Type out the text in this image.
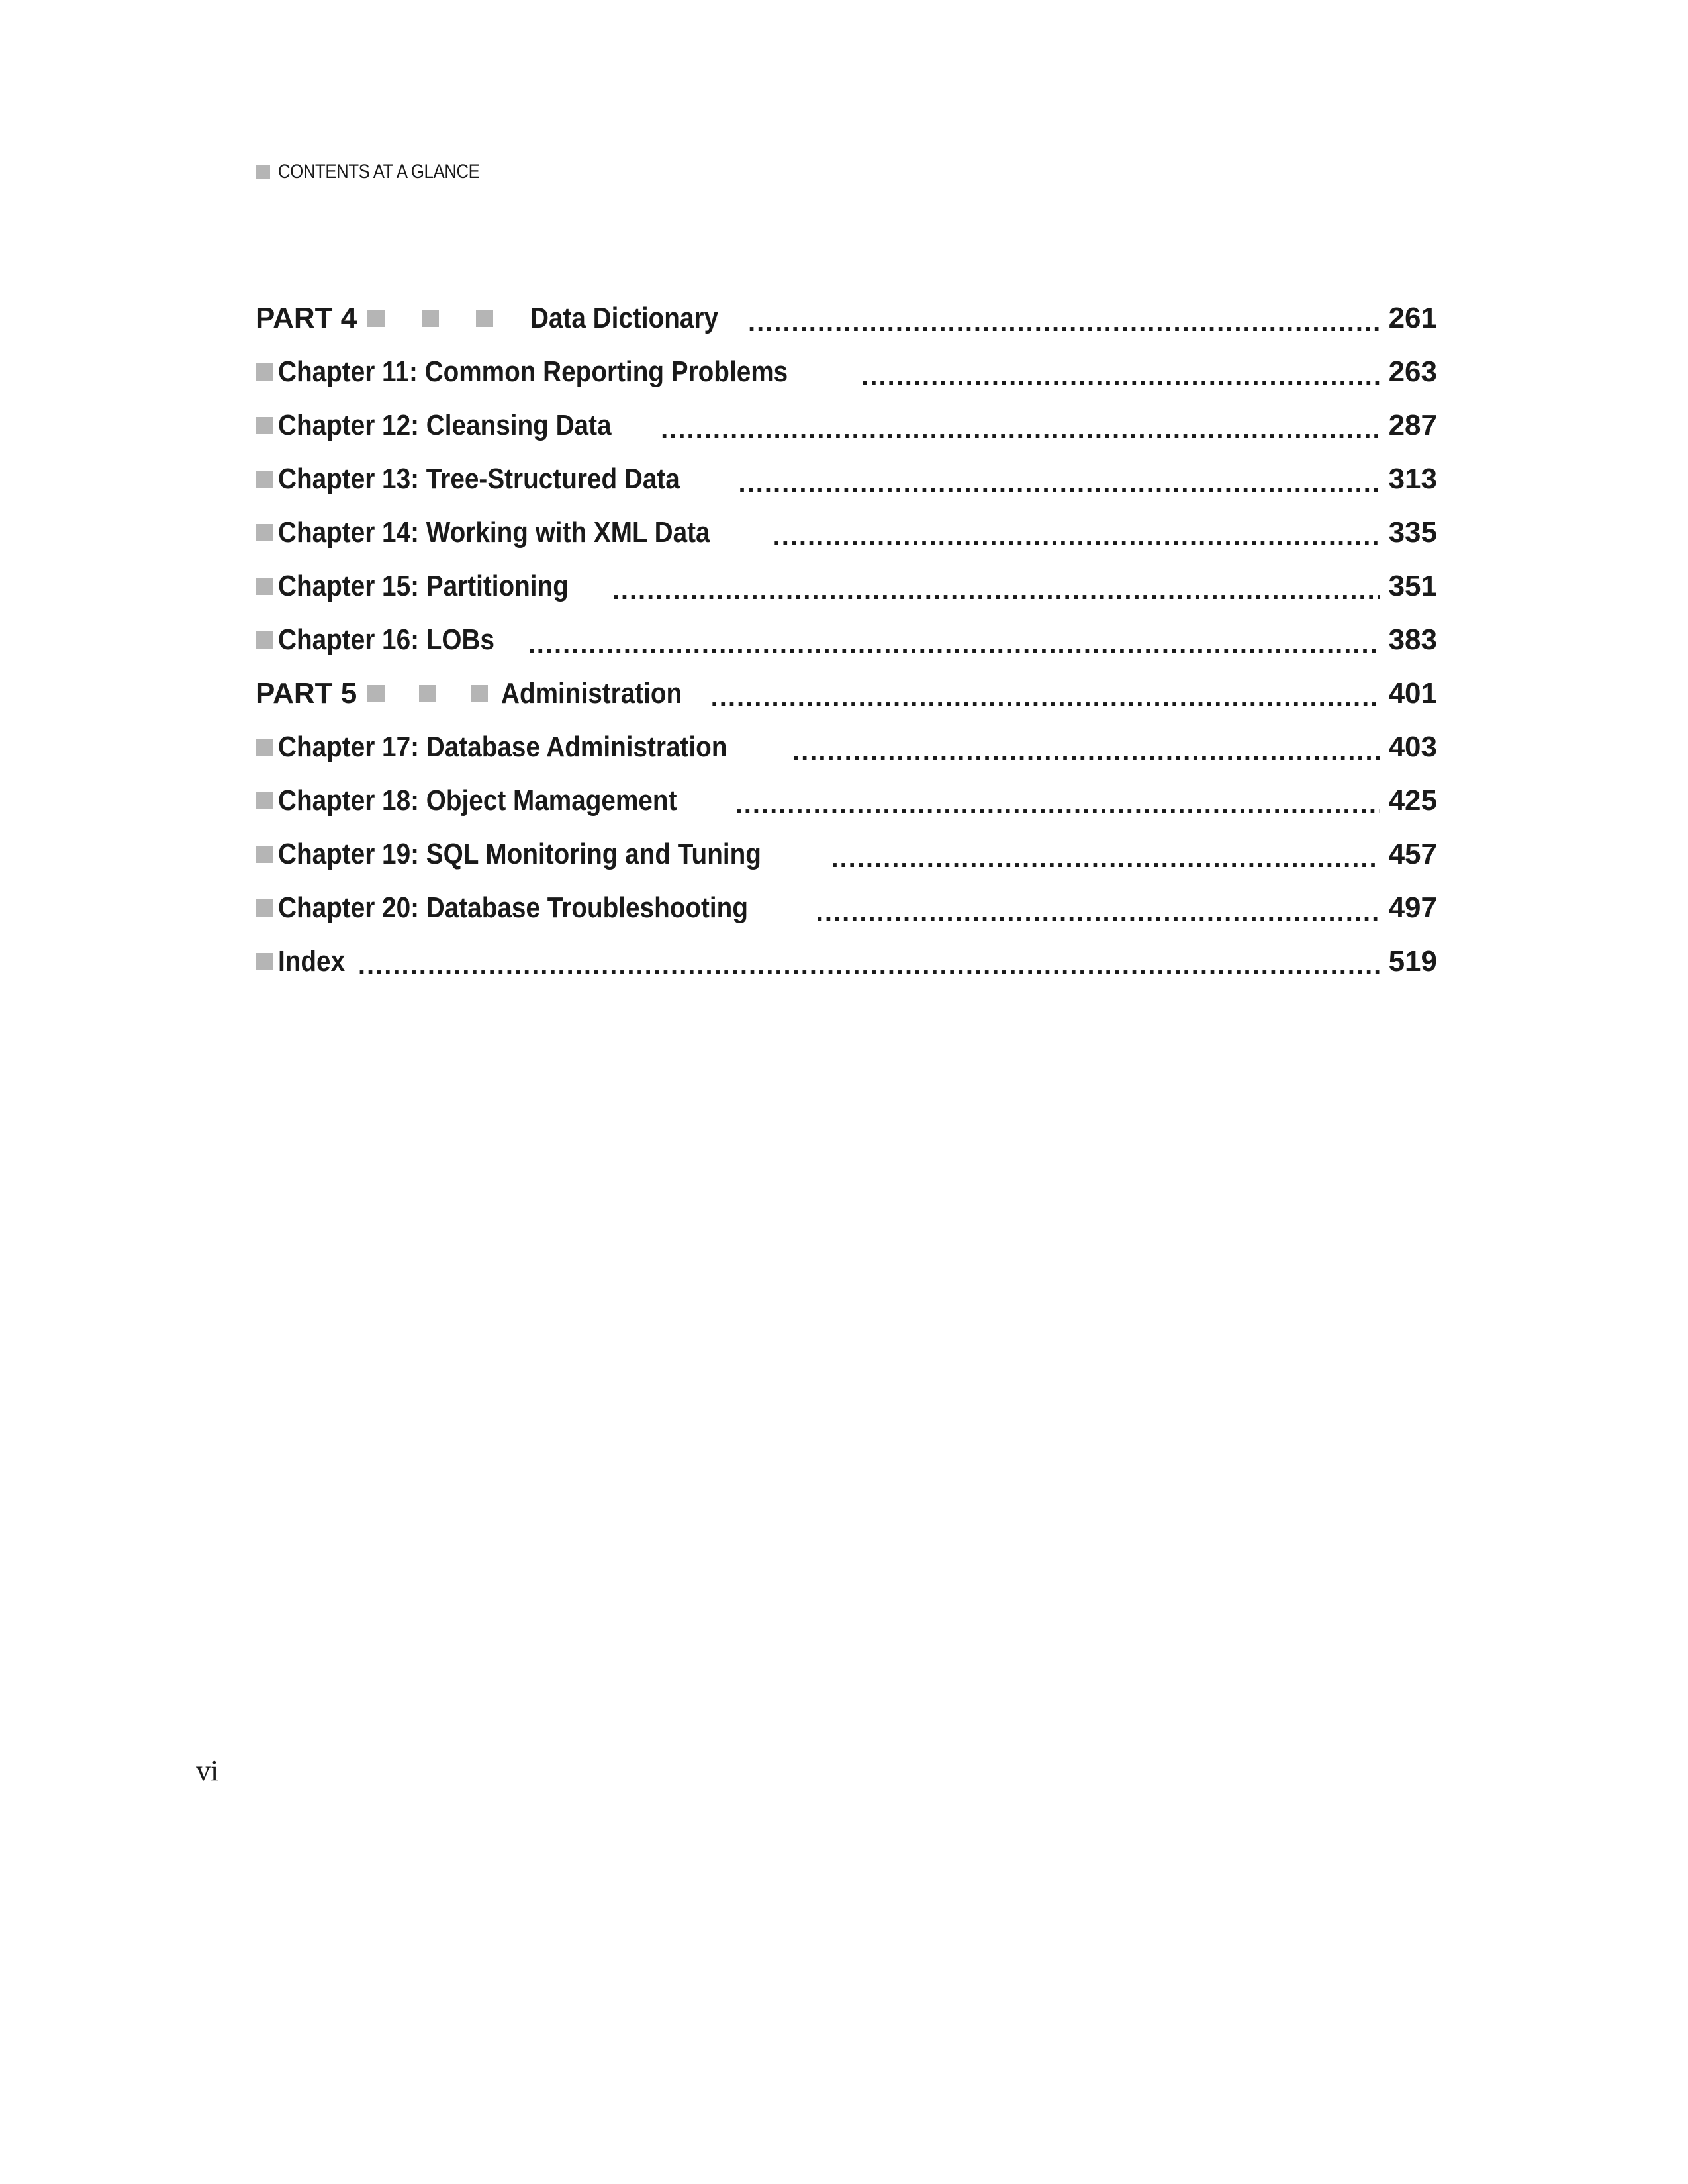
CONTENTS AT A GLANCE
PART 4	Data Dictionary .....	261
Chapter 11: Common Reporting Problems .....	263
Chapter 12: Cleansing Data .....	287
Chapter 13: Tree-Structured Data .....	313
Chapter 14: Working with XML Data .....	335
Chapter 15: Partitioning .....	351
Chapter 16: LOBs .....	383
PART 5	Administration .....	401
Chapter 17: Database Administration .....	403
Chapter 18: Object Mamagement .....	425
Chapter 19: SQL Monitoring and Tuning .....	457
Chapter 20: Database Troubleshooting .....	497
Index .....	519
vi
